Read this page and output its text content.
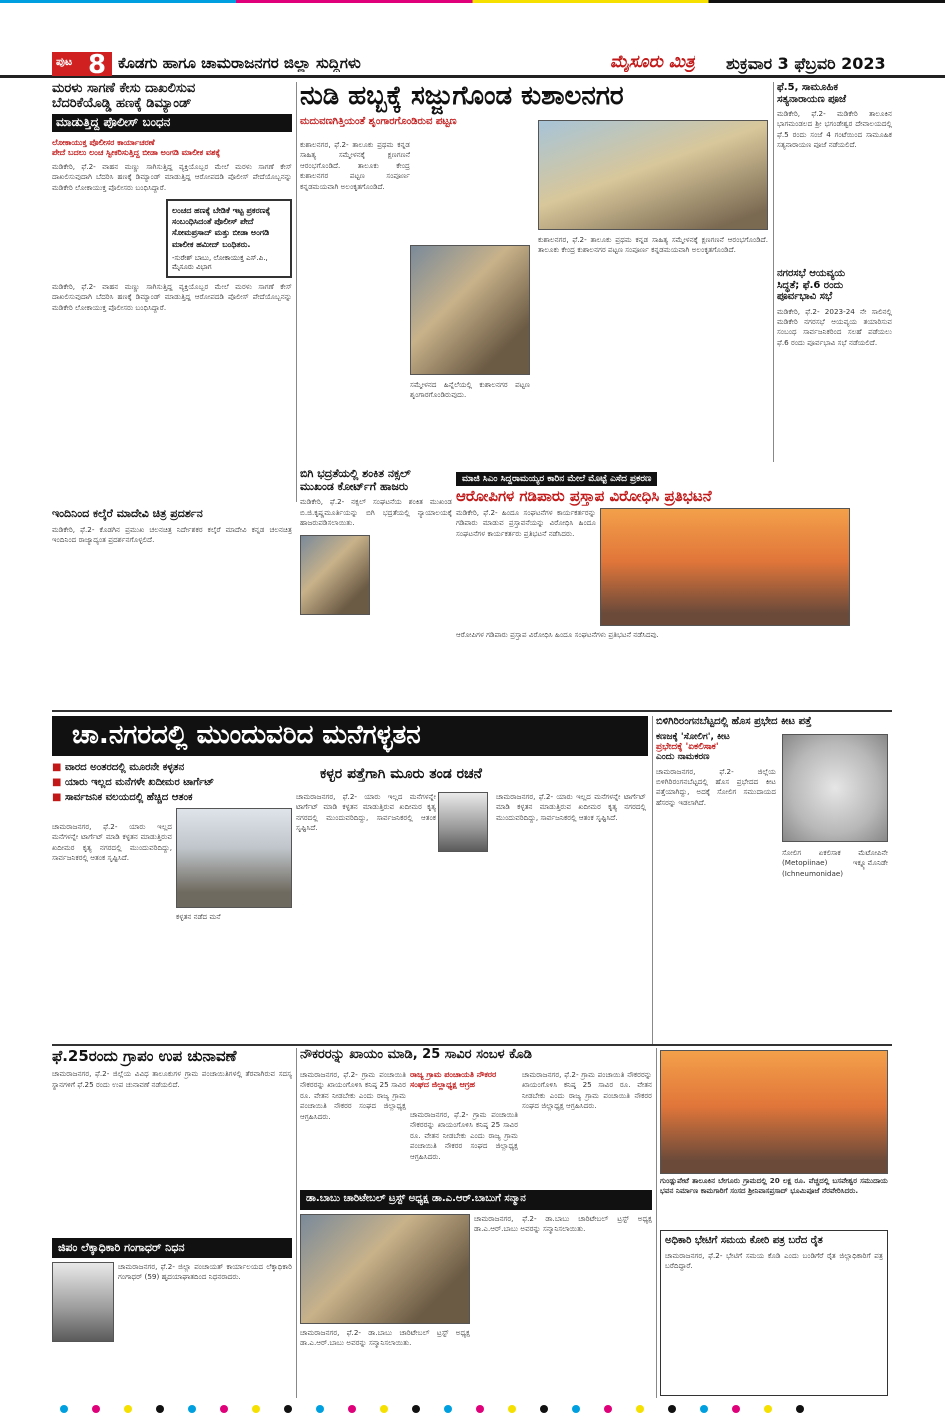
ಪುಟ 8 ಕೊಡಗು ಹಾಗೂ ಚಾಮರಾಜನಗರ ಜಿಲ್ಲಾ ಸುದ್ದಿಗಳು	ಮೈಸೂರು ಮಿತ್ರ ಶುಕ್ರವಾರ 3 ಫೆಬ್ರವರಿ 2023
ಮರಳು ಸಾಗಣೆ ಕೇಸು ದಾಖಲಿಸುವ
ಬೆದರಿಕೆಯೊಡ್ಡಿ ಹಣಕ್ಕೆ ಡಿಮ್ಯಾಂಡ್
ಮಾಡುತ್ತಿದ್ದ ಪೊಲೀಸ್ ಬಂಧನ
ಲೋಕಾಯುಕ್ತ ಪೊಲೀಸರ ಕಾರ್ಯಾಚರಣೆ
ಪೇದೆ ಬದಲು ಲಂಚ ಸ್ವೀಕರಿಸುತ್ತಿದ್ದ ಬೀಡಾ ಅಂಗಡಿ ಮಾಲೀಕ ವಶಕ್ಕೆ
ಮಡಿಕೇರಿ, ಫೆ.2- ವಾಹನ ಮಣ್ಣು ಸಾಗಿಸುತ್ತಿದ್ದ ವ್ಯಕ್ತಿಯೊಬ್ಬರ ಮೇಲೆ ಮರಳು ಸಾಗಣೆ ಕೇಸ್ ದಾಖಲಿಸುವುದಾಗಿ ಬೆದರಿಸಿ ಹಣಕ್ಕೆ ಡಿಮ್ಯಾಂಡ್ ಮಾಡುತ್ತಿದ್ದ ಆರೋಪದಡಿ ಪೊಲೀಸ್ ಪೇದೆಯೊಬ್ಬನನ್ನು ಮಡಿಕೇರಿ ಲೋಕಾಯುಕ್ತ ಪೊಲೀಸರು ಬಂಧಿಸಿದ್ದಾರೆ.
ಲಂಚದ ಹಣಕ್ಕೆ ಬೇಡಿಕೆ ಇಟ್ಟ ಪ್ರಕರಣಕ್ಕೆ ಸಂಬಂಧಿಸಿದಂತೆ ಪೊಲೀಸ್ ಪೇದೆ ಸೋಮಪ್ರಸಾದ್ ಮತ್ತು ಬೀಡಾ ಅಂಗಡಿ ಮಾಲೀಕ ಹಮೀದ್ ಬಂಧಿತರು.
-ಸುರೇಶ್ ಬಾಬು, ಲೋಕಾಯುಕ್ತ ಎಸ್.ಪಿ., ಮೈಸೂರು ವಿಭಾಗ
ಮಡಿಕೇರಿ, ಫೆ.2- ವಾಹನ ಮಣ್ಣು ಸಾಗಿಸುತ್ತಿದ್ದ ವ್ಯಕ್ತಿಯೊಬ್ಬರ ಮೇಲೆ ಮರಳು ಸಾಗಣೆ ಕೇಸ್ ದಾಖಲಿಸುವುದಾಗಿ ಬೆದರಿಸಿ ಹಣಕ್ಕೆ ಡಿಮ್ಯಾಂಡ್ ಮಾಡುತ್ತಿದ್ದ ಆರೋಪದಡಿ ಪೊಲೀಸ್ ಪೇದೆಯೊಬ್ಬನನ್ನು ಮಡಿಕೇರಿ ಲೋಕಾಯುಕ್ತ ಪೊಲೀಸರು ಬಂಧಿಸಿದ್ದಾರೆ.
ನುಡಿ ಹಬ್ಬಕ್ಕೆ ಸಜ್ಜುಗೊಂಡ ಕುಶಾಲನಗರ
ಮದುವಣಗಿತ್ತಿಯಂತೆ ಶೃಂಗಾರಗೊಂಡಿರುವ ಪಟ್ಟಣ
ಕುಶಾಲನಗರ, ಫೆ.2- ತಾಲೂಕು ಪ್ರಥಮ ಕನ್ನಡ ಸಾಹಿತ್ಯ ಸಮ್ಮೇಳನಕ್ಕೆ ಕ್ಷಣಗಣನೆ ಆರಂಭಗೊಂಡಿದೆ. ತಾಲೂಕು ಕೇಂದ್ರ ಕುಶಾಲನಗರ ಪಟ್ಟಣ ಸಂಪೂರ್ಣ ಕನ್ನಡಮಯವಾಗಿ ಅಲಂಕೃತಗೊಂಡಿದೆ.
ಕುಶಾಲನಗರ, ಫೆ.2- ತಾಲೂಕು ಪ್ರಥಮ ಕನ್ನಡ ಸಾಹಿತ್ಯ ಸಮ್ಮೇಳನಕ್ಕೆ ಕ್ಷಣಗಣನೆ ಆರಂಭಗೊಂಡಿದೆ. ತಾಲೂಕು ಕೇಂದ್ರ ಕುಶಾಲನಗರ ಪಟ್ಟಣ ಸಂಪೂರ್ಣ ಕನ್ನಡಮಯವಾಗಿ ಅಲಂಕೃತಗೊಂಡಿದೆ.
ಸಮ್ಮೇಳನದ ಹಿನ್ನೆಲೆಯಲ್ಲಿ ಕುಶಾಲನಗರ ಪಟ್ಟಣ ಶೃಂಗಾರಗೊಂಡಿರುವುದು.
ಫೆ.5, ಸಾಮೂಹಿಕ
ಸತ್ಯನಾರಾಯಣ ಪೂಜೆ
ಮಡಿಕೇರಿ, ಫೆ.2- ಮಡಿಕೇರಿ ತಾಲೂಕಿನ ಭಾಗಮಂಡಲದ ಶ್ರೀ ಭಗಂಡೇಶ್ವರ ದೇವಾಲಯದಲ್ಲಿ ಫೆ.5 ರಂದು ಸಂಜೆ 4 ಗಂಟೆಯಿಂದ ಸಾಮೂಹಿಕ ಸತ್ಯನಾರಾಯಣ ಪೂಜೆ ನಡೆಯಲಿದೆ.
ನಗರಸಭೆ ಆಯವ್ಯಯ
ಸಿದ್ಧತೆ; ಫೆ.6 ರಂದು
ಪೂರ್ವಭಾವಿ ಸಭೆ
ಮಡಿಕೇರಿ, ಫೆ.2- 2023-24 ನೇ ಸಾಲಿನಲ್ಲಿ ಮಡಿಕೇರಿ ನಗರಸಭೆ ಆಯವ್ಯಯ ತಯಾರಿಸುವ ಸಂಬಂಧ ಸಾರ್ವಜನಿಕರಿಂದ ಸಲಹೆ ಪಡೆಯಲು ಫೆ.6 ರಂದು ಪೂರ್ವಭಾವಿ ಸಭೆ ನಡೆಯಲಿದೆ.
ಬಿಗಿ ಭದ್ರತೆಯಲ್ಲಿ ಶಂಕಿತ ನಕ್ಸಲ್
ಮುಖಂಡ ಕೋರ್ಟ್‌ಗೆ ಹಾಜರು
ಮಡಿಕೇರಿ, ಫೆ.2- ನಕ್ಸಲ್ ಸಂಘಟನೆಯ ಶಂಕಿತ ಮುಖಂಡ ಬಿ.ಜಿ.ಕೃಷ್ಣಮೂರ್ತಿಯನ್ನು ಬಿಗಿ ಭದ್ರತೆಯಲ್ಲಿ ನ್ಯಾಯಾಲಯಕ್ಕೆ ಹಾಜರುಪಡಿಸಲಾಯಿತು.
ಇಂದಿನಿಂದ ಕಲ್ಕೆರೆ ಮಾದೇವಿ ಚಿತ್ರ ಪ್ರದರ್ಶನ
ಮಡಿಕೇರಿ, ಫೆ.2- ಕೊಡಗಿನ ಪ್ರಮುಖ ಚಲನಚಿತ್ರ ನಿರ್ದೇಶಕರ ಕಲ್ಕೆರೆ ಮಾದೇವಿ ಕನ್ನಡ ಚಲನಚಿತ್ರ ಇಂದಿನಿಂದ ರಾಜ್ಯಾದ್ಯಂತ ಪ್ರದರ್ಶನಗೊಳ್ಳಲಿದೆ.
ಮಾಜಿ ಸಿಎಂ ಸಿದ್ದರಾಮಯ್ಯರ ಕಾರಿನ ಮೇಲೆ ಮೊಟ್ಟೆ ಎಸೆದ ಪ್ರಕರಣ
ಆರೋಪಿಗಳ ಗಡಿಪಾರು ಪ್ರಸ್ತಾಪ ವಿರೋಧಿಸಿ ಪ್ರತಿಭಟನೆ
ಮಡಿಕೇರಿ, ಫೆ.2- ಹಿಂದೂ ಸಂಘಟನೆಗಳ ಕಾರ್ಯಕರ್ತರನ್ನು ಗಡಿಪಾರು ಮಾಡುವ ಪ್ರಸ್ತಾವನೆಯನ್ನು ವಿರೋಧಿಸಿ ಹಿಂದೂ ಸಂಘಟನೆಗಳ ಕಾರ್ಯಕರ್ತರು ಪ್ರತಿಭಟನೆ ನಡೆಸಿದರು.
ಆರೋಪಿಗಳ ಗಡಿಪಾರು ಪ್ರಸ್ತಾಪ ವಿರೋಧಿಸಿ ಹಿಂದೂ ಸಂಘಟನೆಗಳು ಪ್ರತಿಭಟನೆ ನಡೆಸಿದವು.
ಚಾ.ನಗರದಲ್ಲಿ ಮುಂದುವರಿದ ಮನೆಗಳ್ಳತನ
■ ವಾರದ ಅಂತರದಲ್ಲಿ ಮೂರನೇ ಕಳ್ಳತನ
■ ಯಾರು ಇಲ್ಲದ ಮನೆಗಳೇ ಖದೀಮರ ಟಾರ್ಗೆಟ್
■ ಸಾರ್ವಜನಿಕ ವಲಯದಲ್ಲಿ ಹೆಚ್ಚಿದ ಆತಂಕ
ಕಳ್ಳರ ಪತ್ತೆಗಾಗಿ ಮೂರು ತಂಡ ರಚನೆ
ಚಾಮರಾಜನಗರ, ಫೆ.2- ಯಾರು ಇಲ್ಲದ ಮನೆಗಳನ್ನೇ ಟಾರ್ಗೆಟ್ ಮಾಡಿ ಕಳ್ಳತನ ಮಾಡುತ್ತಿರುವ ಖದೀಮರ ಕೃತ್ಯ ನಗರದಲ್ಲಿ ಮುಂದುವರಿದಿದ್ದು, ಸಾರ್ವಜನಿಕರಲ್ಲಿ ಆತಂಕ ಸೃಷ್ಟಿಸಿದೆ.
ಕಳ್ಳತನ ನಡೆದ ಮನೆ
ಚಾಮರಾಜನಗರ, ಫೆ.2- ಯಾರು ಇಲ್ಲದ ಮನೆಗಳನ್ನೇ ಟಾರ್ಗೆಟ್ ಮಾಡಿ ಕಳ್ಳತನ ಮಾಡುತ್ತಿರುವ ಖದೀಮರ ಕೃತ್ಯ ನಗರದಲ್ಲಿ ಮುಂದುವರಿದಿದ್ದು, ಸಾರ್ವಜನಿಕರಲ್ಲಿ ಆತಂಕ ಸೃಷ್ಟಿಸಿದೆ.
ಚಾಮರಾಜನಗರ, ಫೆ.2- ಯಾರು ಇಲ್ಲದ ಮನೆಗಳನ್ನೇ ಟಾರ್ಗೆಟ್ ಮಾಡಿ ಕಳ್ಳತನ ಮಾಡುತ್ತಿರುವ ಖದೀಮರ ಕೃತ್ಯ ನಗರದಲ್ಲಿ ಮುಂದುವರಿದಿದ್ದು, ಸಾರ್ವಜನಿಕರಲ್ಲಿ ಆತಂಕ ಸೃಷ್ಟಿಸಿದೆ.
ಬಿಳಿಗಿರಿರಂಗನಬೆಟ್ಟದಲ್ಲಿ ಹೊಸ ಪ್ರಭೇದ ಕೀಟ ಪತ್ತೆ
ಕಣಜಕ್ಕೆ 'ಸೋಲಿಗ', ಕೀಟ
ಪ್ರಭೇದಕ್ಕೆ 'ಏಕಲಿಸಾಕ'
ಎಂದು ನಾಮಕರಣ
ಚಾಮರಾಜನಗರ, ಫೆ.2- ಜಿಲ್ಲೆಯ ಬಿಳಿಗಿರಿರಂಗನಬೆಟ್ಟದಲ್ಲಿ ಹೊಸ ಪ್ರಭೇದದ ಕೀಟ ಪತ್ತೆಯಾಗಿದ್ದು, ಅದಕ್ಕೆ ಸೋಲಿಗ ಸಮುದಾಯದ ಹೆಸರನ್ನು ಇಡಲಾಗಿದೆ.
ಸೋಲಿಗ ಏಕಲಿಸಾಕ ಮೆಟೋಪಿನೇ (Metopiinae) ಇಕ್ನ್ಯೂಮೊನಿಡೇ (Ichneumonidae)
ಫೆ.25ರಂದು ಗ್ರಾಪಂ ಉಪ ಚುನಾವಣೆ
ಚಾಮರಾಜನಗರ, ಫೆ.2- ಜಿಲ್ಲೆಯ ವಿವಿಧ ತಾಲೂಕುಗಳ ಗ್ರಾಮ ಪಂಚಾಯಿತಿಗಳಲ್ಲಿ ತೆರವಾಗಿರುವ ಸದಸ್ಯ ಸ್ಥಾನಗಳಿಗೆ ಫೆ.25 ರಂದು ಉಪ ಚುನಾವಣೆ ನಡೆಯಲಿದೆ.
ಜಿಪಂ ಲೆಕ್ಕಾಧಿಕಾರಿ ಗಂಗಾಧರ್ ನಿಧನ
ಚಾಮರಾಜನಗರ, ಫೆ.2- ಜಿಲ್ಲಾ ಪಂಚಾಯತ್ ಕಾರ್ಯಾಲಯದ ಲೆಕ್ಕಾಧಿಕಾರಿ ಗಂಗಾಧರ್ (59) ಹೃದಯಾಘಾತದಿಂದ ನಿಧನರಾದರು.
ನೌಕರರನ್ನು ಖಾಯಂ ಮಾಡಿ, 25 ಸಾವಿರ ಸಂಬಳ ಕೊಡಿ
ರಾಜ್ಯ ಗ್ರಾಮ ಪಂಚಾಯತಿ ನೌಕರರ
ಸಂಘದ ಜಿಲ್ಲಾಧ್ಯಕ್ಷ ಆಗ್ರಹ
ಚಾಮರಾಜನಗರ, ಫೆ.2- ಗ್ರಾಮ ಪಂಚಾಯಿತಿ ನೌಕರರನ್ನು ಖಾಯಂಗೊಳಿಸಿ ಕನಿಷ್ಠ 25 ಸಾವಿರ ರೂ. ವೇತನ ನೀಡಬೇಕು ಎಂದು ರಾಜ್ಯ ಗ್ರಾಮ ಪಂಚಾಯಿತಿ ನೌಕರರ ಸಂಘದ ಜಿಲ್ಲಾಧ್ಯಕ್ಷ ಆಗ್ರಹಿಸಿದರು.	ಚಾಮರಾಜನಗರ, ಫೆ.2- ಗ್ರಾಮ ಪಂಚಾಯಿತಿ ನೌಕರರನ್ನು ಖಾಯಂಗೊಳಿಸಿ ಕನಿಷ್ಠ 25 ಸಾವಿರ ರೂ. ವೇತನ ನೀಡಬೇಕು ಎಂದು ರಾಜ್ಯ ಗ್ರಾಮ ಪಂಚಾಯಿತಿ ನೌಕರರ ಸಂಘದ ಜಿಲ್ಲಾಧ್ಯಕ್ಷ ಆಗ್ರಹಿಸಿದರು.
ಚಾಮರಾಜನಗರ, ಫೆ.2- ಗ್ರಾಮ ಪಂಚಾಯಿತಿ ನೌಕರರನ್ನು ಖಾಯಂಗೊಳಿಸಿ ಕನಿಷ್ಠ 25 ಸಾವಿರ ರೂ. ವೇತನ ನೀಡಬೇಕು ಎಂದು ರಾಜ್ಯ ಗ್ರಾಮ ಪಂಚಾಯಿತಿ ನೌಕರರ ಸಂಘದ ಜಿಲ್ಲಾಧ್ಯಕ್ಷ ಆಗ್ರಹಿಸಿದರು.
ಡಾ.ಬಾಬು ಚಾರಿಟೇಬಲ್ ಟ್ರಸ್ಟ್ ಅಧ್ಯಕ್ಷ ಡಾ.ಎ.ಆರ್.ಬಾಬುಗೆ ಸನ್ಮಾನ
ಚಾಮರಾಜನಗರ, ಫೆ.2- ಡಾ.ಬಾಬು ಚಾರಿಟೇಬಲ್ ಟ್ರಸ್ಟ್ ಅಧ್ಯಕ್ಷ ಡಾ.ಎ.ಆರ್.ಬಾಬು ಅವರನ್ನು ಸನ್ಮಾನಿಸಲಾಯಿತು.
ಚಾಮರಾಜನಗರ, ಫೆ.2- ಡಾ.ಬಾಬು ಚಾರಿಟೇಬಲ್ ಟ್ರಸ್ಟ್ ಅಧ್ಯಕ್ಷ ಡಾ.ಎ.ಆರ್.ಬಾಬು ಅವರನ್ನು ಸನ್ಮಾನಿಸಲಾಯಿತು.
ಗುಂಡ್ಲುಪೇಟೆ ತಾಲೂಕಿನ ಬೇಗೂರು ಗ್ರಾಮದಲ್ಲಿ 20 ಲಕ್ಷ ರೂ. ವೆಚ್ಚದಲ್ಲಿ ಬಸವೇಶ್ವರ ಸಮುದಾಯ ಭವನ ನಿರ್ಮಾಣ ಕಾಮಗಾರಿಗೆ ಸಂಸದ ಶ್ರೀನಿವಾಸಪ್ರಸಾದ್ ಭೂಮಿಪೂಜೆ ನೆರವೇರಿಸಿದರು.
ಅಧಿಕಾರಿ ಭೇಟಿಗೆ ಸಮಯ ಕೋರಿ ಪತ್ರ ಬರೆದ ರೈತ
ಚಾಮರಾಜನಗರ, ಫೆ.2- ಭೇಟಿಗೆ ಸಮಯ ಕೊಡಿ ಎಂದು ಬಂಡಿಗೆರೆ ರೈತ ಜಿಲ್ಲಾಧಿಕಾರಿಗೆ ಪತ್ರ ಬರೆದಿದ್ದಾರೆ.
